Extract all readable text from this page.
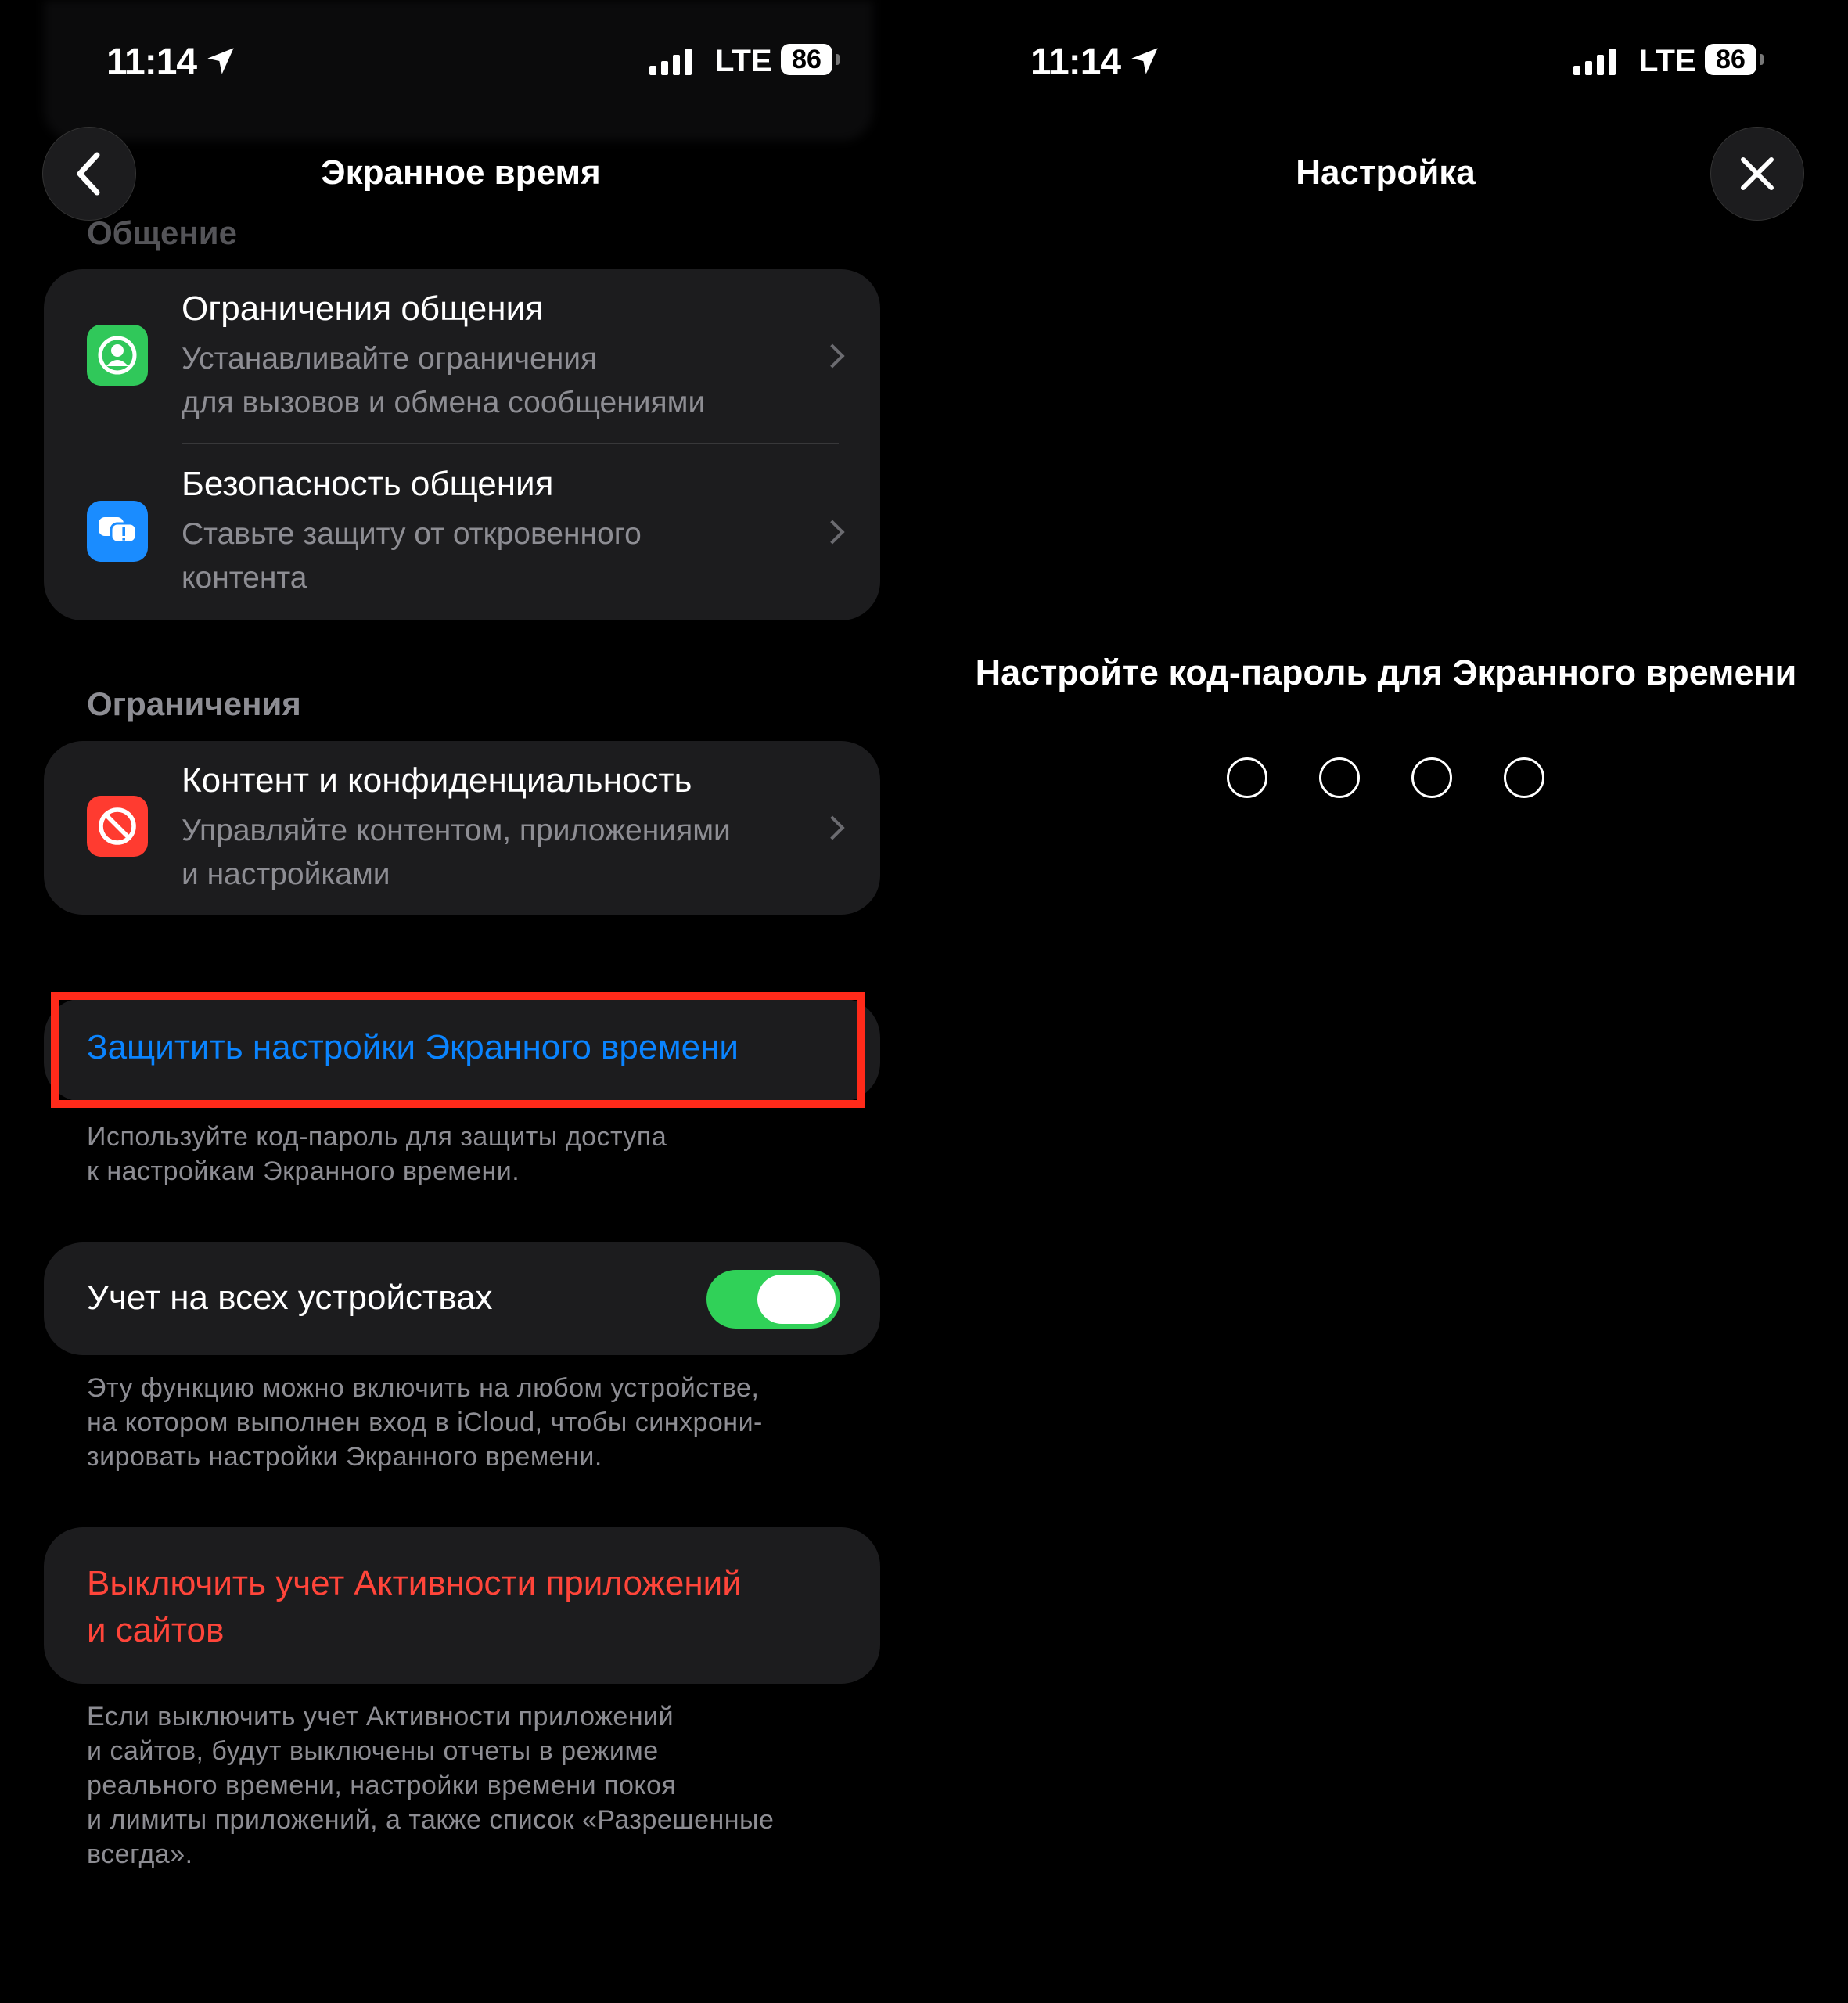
11:14	LTE 86
Экранное время
Общение
Ограничения общения
Устанавливайте ограничения
для вызовов и обмена сообщениями
Безопасность общения
Ставьте защиту от откровенного
контента
Ограничения
Контент и конфиденциальность
Управляйте контентом, приложениями
и настройками
Защитить настройки Экранного времени
Используйте код-пароль для защиты доступа
к настройкам Экранного времени.
Учет на всех устройствах
Эту функцию можно включить на любом устройстве,
на котором выполнен вход в iCloud, чтобы синхрони-
зировать настройки Экранного времени.
Выключить учет Активности приложений
и сайтов
Если выключить учет Активности приложений
и сайтов, будут выключены отчеты в режиме
реального времени, настройки времени покоя
и лимиты приложений, а также список «Разрешенные
всегда».
11:14	LTE 86
Настройка
Настройте код-пароль для Экранного времени
